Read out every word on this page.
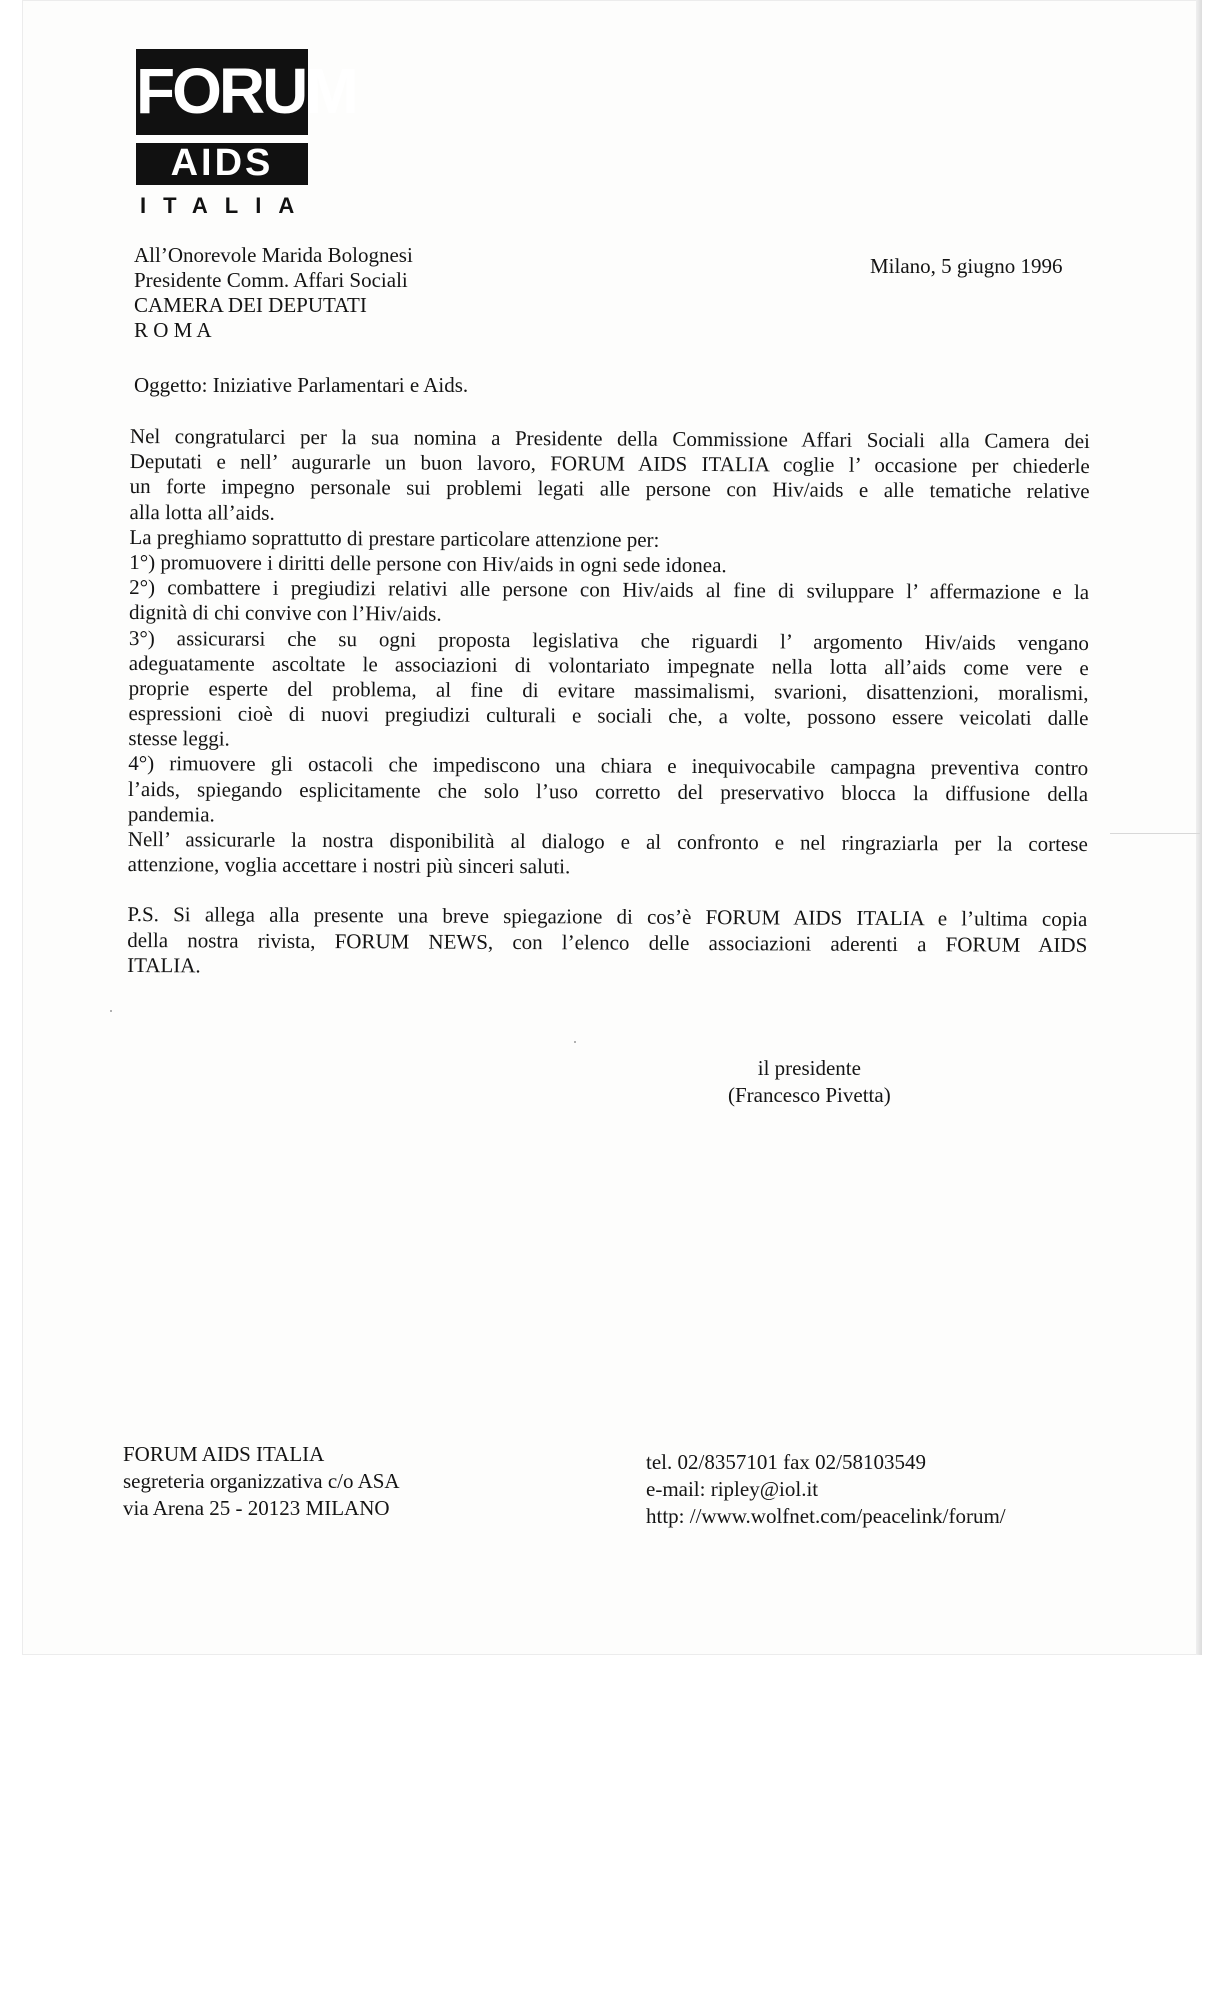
FORUM
AIDS
ITALIA
All’Onorevole Marida Bolognesi
Presidente Comm. Affari Sociali
CAMERA DEI DEPUTATI
R O M A
Milano, 5 giugno 1996
Oggetto: Iniziative Parlamentari e Aids.
Nel congratularci per la sua nomina a Presidente della Commissione Affari Sociali alla Camera dei
Deputati e nell’ augurarle un buon lavoro, FORUM AIDS ITALIA coglie l’ occasione per chiederle
un forte impegno personale sui problemi legati alle persone con Hiv/aids e alle tematiche relative
alla lotta all’aids.
La preghiamo soprattutto di prestare particolare attenzione per:
1°) promuovere i diritti delle persone con Hiv/aids in ogni sede idonea.
2°) combattere i pregiudizi relativi alle persone con Hiv/aids al fine di sviluppare l’ affermazione e la
dignità di chi convive con l’Hiv/aids.
3°) assicurarsi che su ogni proposta legislativa che riguardi l’ argomento Hiv/aids vengano
adeguatamente ascoltate le associazioni di volontariato impegnate nella lotta all’aids come vere e
proprie esperte del problema, al fine di evitare massimalismi, svarioni, disattenzioni, moralismi,
espressioni cioè di nuovi pregiudizi culturali e sociali che, a volte, possono essere veicolati dalle
stesse leggi.
4°) rimuovere gli ostacoli che impediscono una chiara e inequivocabile campagna preventiva contro
l’aids, spiegando esplicitamente che solo l’uso corretto del preservativo blocca la diffusione della
pandemia.
Nell’ assicurarle la nostra disponibilità al dialogo e al confronto e nel ringraziarla per la cortese
attenzione, voglia accettare i nostri più sinceri saluti.
P.S. Si allega alla presente una breve spiegazione di cos’è FORUM AIDS ITALIA e l’ultima copia
della nostra rivista, FORUM NEWS, con l’elenco delle associazioni aderenti a FORUM AIDS
ITALIA.
il presidente
(Francesco Pivetta)
FORUM AIDS ITALIA
segreteria organizzativa c/o ASA
via Arena 25 - 20123 MILANO
tel. 02/8357101 fax 02/58103549
e-mail: ripley@iol.it
http: //www.wolfnet.com/peacelink/forum/
